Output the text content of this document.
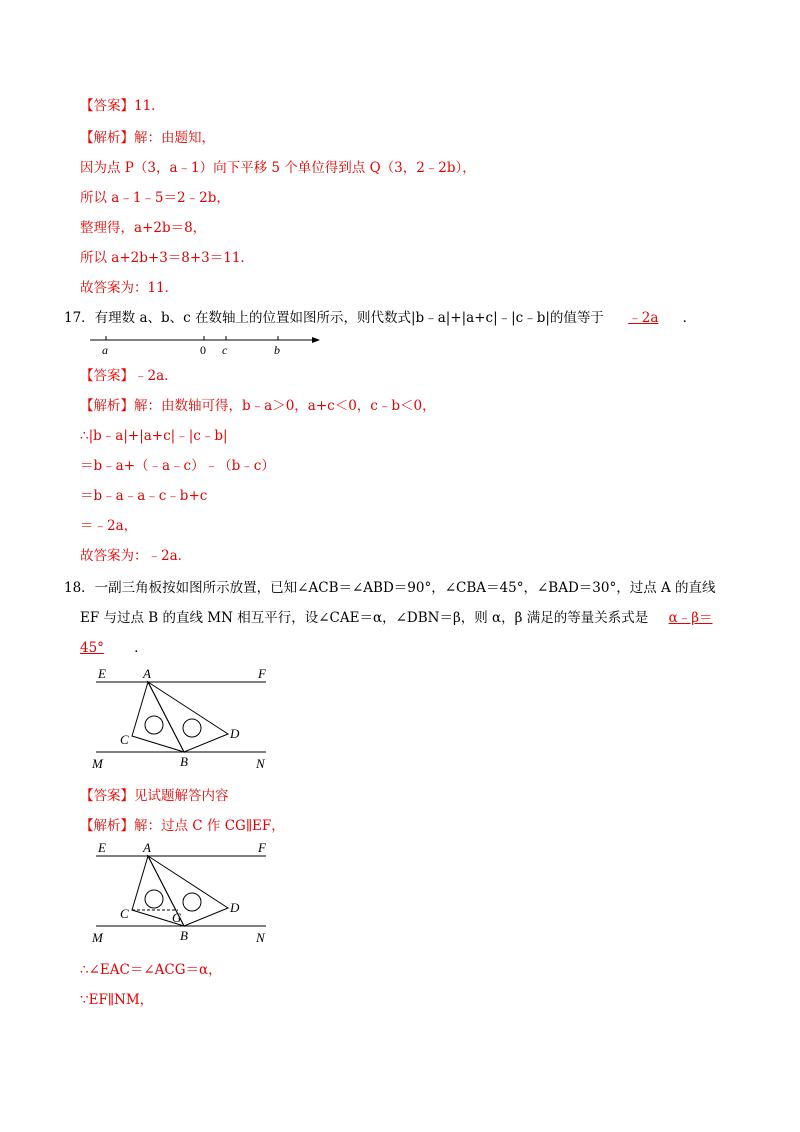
【答案】11．
【解析】解：由题知，
因为点 P（3，a﹣1）向下平移 5 个单位得到点 Q（3，2﹣2b），
所以 a﹣1﹣5＝2﹣2b，
整理得，a+2b＝8，
所以 a+2b+3＝8+3＝11．
故答案为：11．
17．有理数 a、b、c 在数轴上的位置如图所示，则代数式|b﹣a|+|a+c|﹣|c﹣b|的值等于 ﹣2a ．
a	0 c	b
【答案】﹣2a．
【解析】解：由数轴可得，b﹣a＞0，a+c＜0，c﹣b＜0，
∴|b﹣a|+|a+c|﹣|c﹣b|
＝b﹣a+（﹣a﹣c）﹣（b﹣c）
＝b﹣a﹣a﹣c﹣b+c
＝﹣2a，
故答案为：﹣2a．
18．一副三角板按如图所示放置，已知∠ACB＝∠ABD＝90°，∠CBA＝45°，∠BAD＝30°，过点 A 的直线
EF 与过点 B 的直线 MN 相互平行，设∠CAE＝α，∠DBN＝β，则 α，β 满足的等量关系式是 α﹣β＝
45° ．
E	A	F
C	D
M	B	N
【答案】见试题解答内容
【解析】解：过点 C 作 CG∥EF，
E	A	F
C	G
D
M	B	N
∴∠EAC＝∠ACG＝α，
∵EF∥NM，
